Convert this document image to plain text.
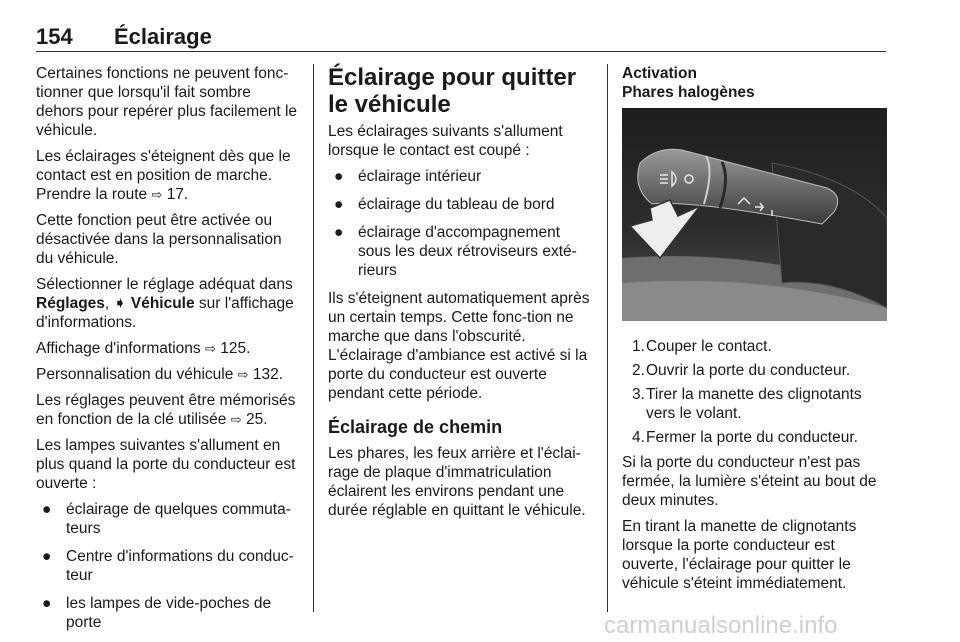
154 Éclairage

Certaines fonctions ne peuvent fonc-tionner que lorsqu'il fait sombre dehors pour repérer plus facilement le véhicule.

Les éclairages s'éteignent dès que le contact est en position de marche. Prendre la route ⇨ 17.

Cette fonction peut être activée ou désactivée dans la personnalisation du véhicule.

Sélectionner le réglage adéquat dans Réglages, ➧ Véhicule sur l'affichage d'informations.

Affichage d'informations ⇨ 125.

Personnalisation du véhicule ⇨ 132.

Les réglages peuvent être mémorisés en fonction de la clé utilisée ⇨ 25.

Les lampes suivantes s'allument en plus quand la porte du conducteur est ouverte :

● éclairage de quelques commuta-teurs
● Centre d'informations du conduc-teur
● les lampes de vide-poches de porte
Éclairage pour quitter le véhicule

Les éclairages suivants s'allument lorsque le contact est coupé :

● éclairage intérieur
● éclairage du tableau de bord
● éclairage d'accompagnement sous les deux rétroviseurs exté-rieurs

Ils s'éteignent automatiquement après un certain temps. Cette fonc-tion ne marche que dans l'obscurité. L'éclairage d'ambiance est activé si la porte du conducteur est ouverte pendant cette période.

Éclairage de chemin

Les phares, les feux arrière et l'éclai-rage de plaque d'immatriculation éclairent les environs pendant une durée réglable en quittant le véhicule.

Activation
Phares halogènes
1. Couper le contact.
2. Ouvrir la porte du conducteur.
3. Tirer la manette des clignotants vers le volant.
4. Fermer la porte du conducteur.

Si la porte du conducteur n'est pas fermée, la lumière s'éteint au bout de deux minutes.

En tirant la manette de clignotants lorsque la porte conducteur est ouverte, l'éclairage pour quitter le véhicule s'éteint immédiatement.

carmanualsonline.info
